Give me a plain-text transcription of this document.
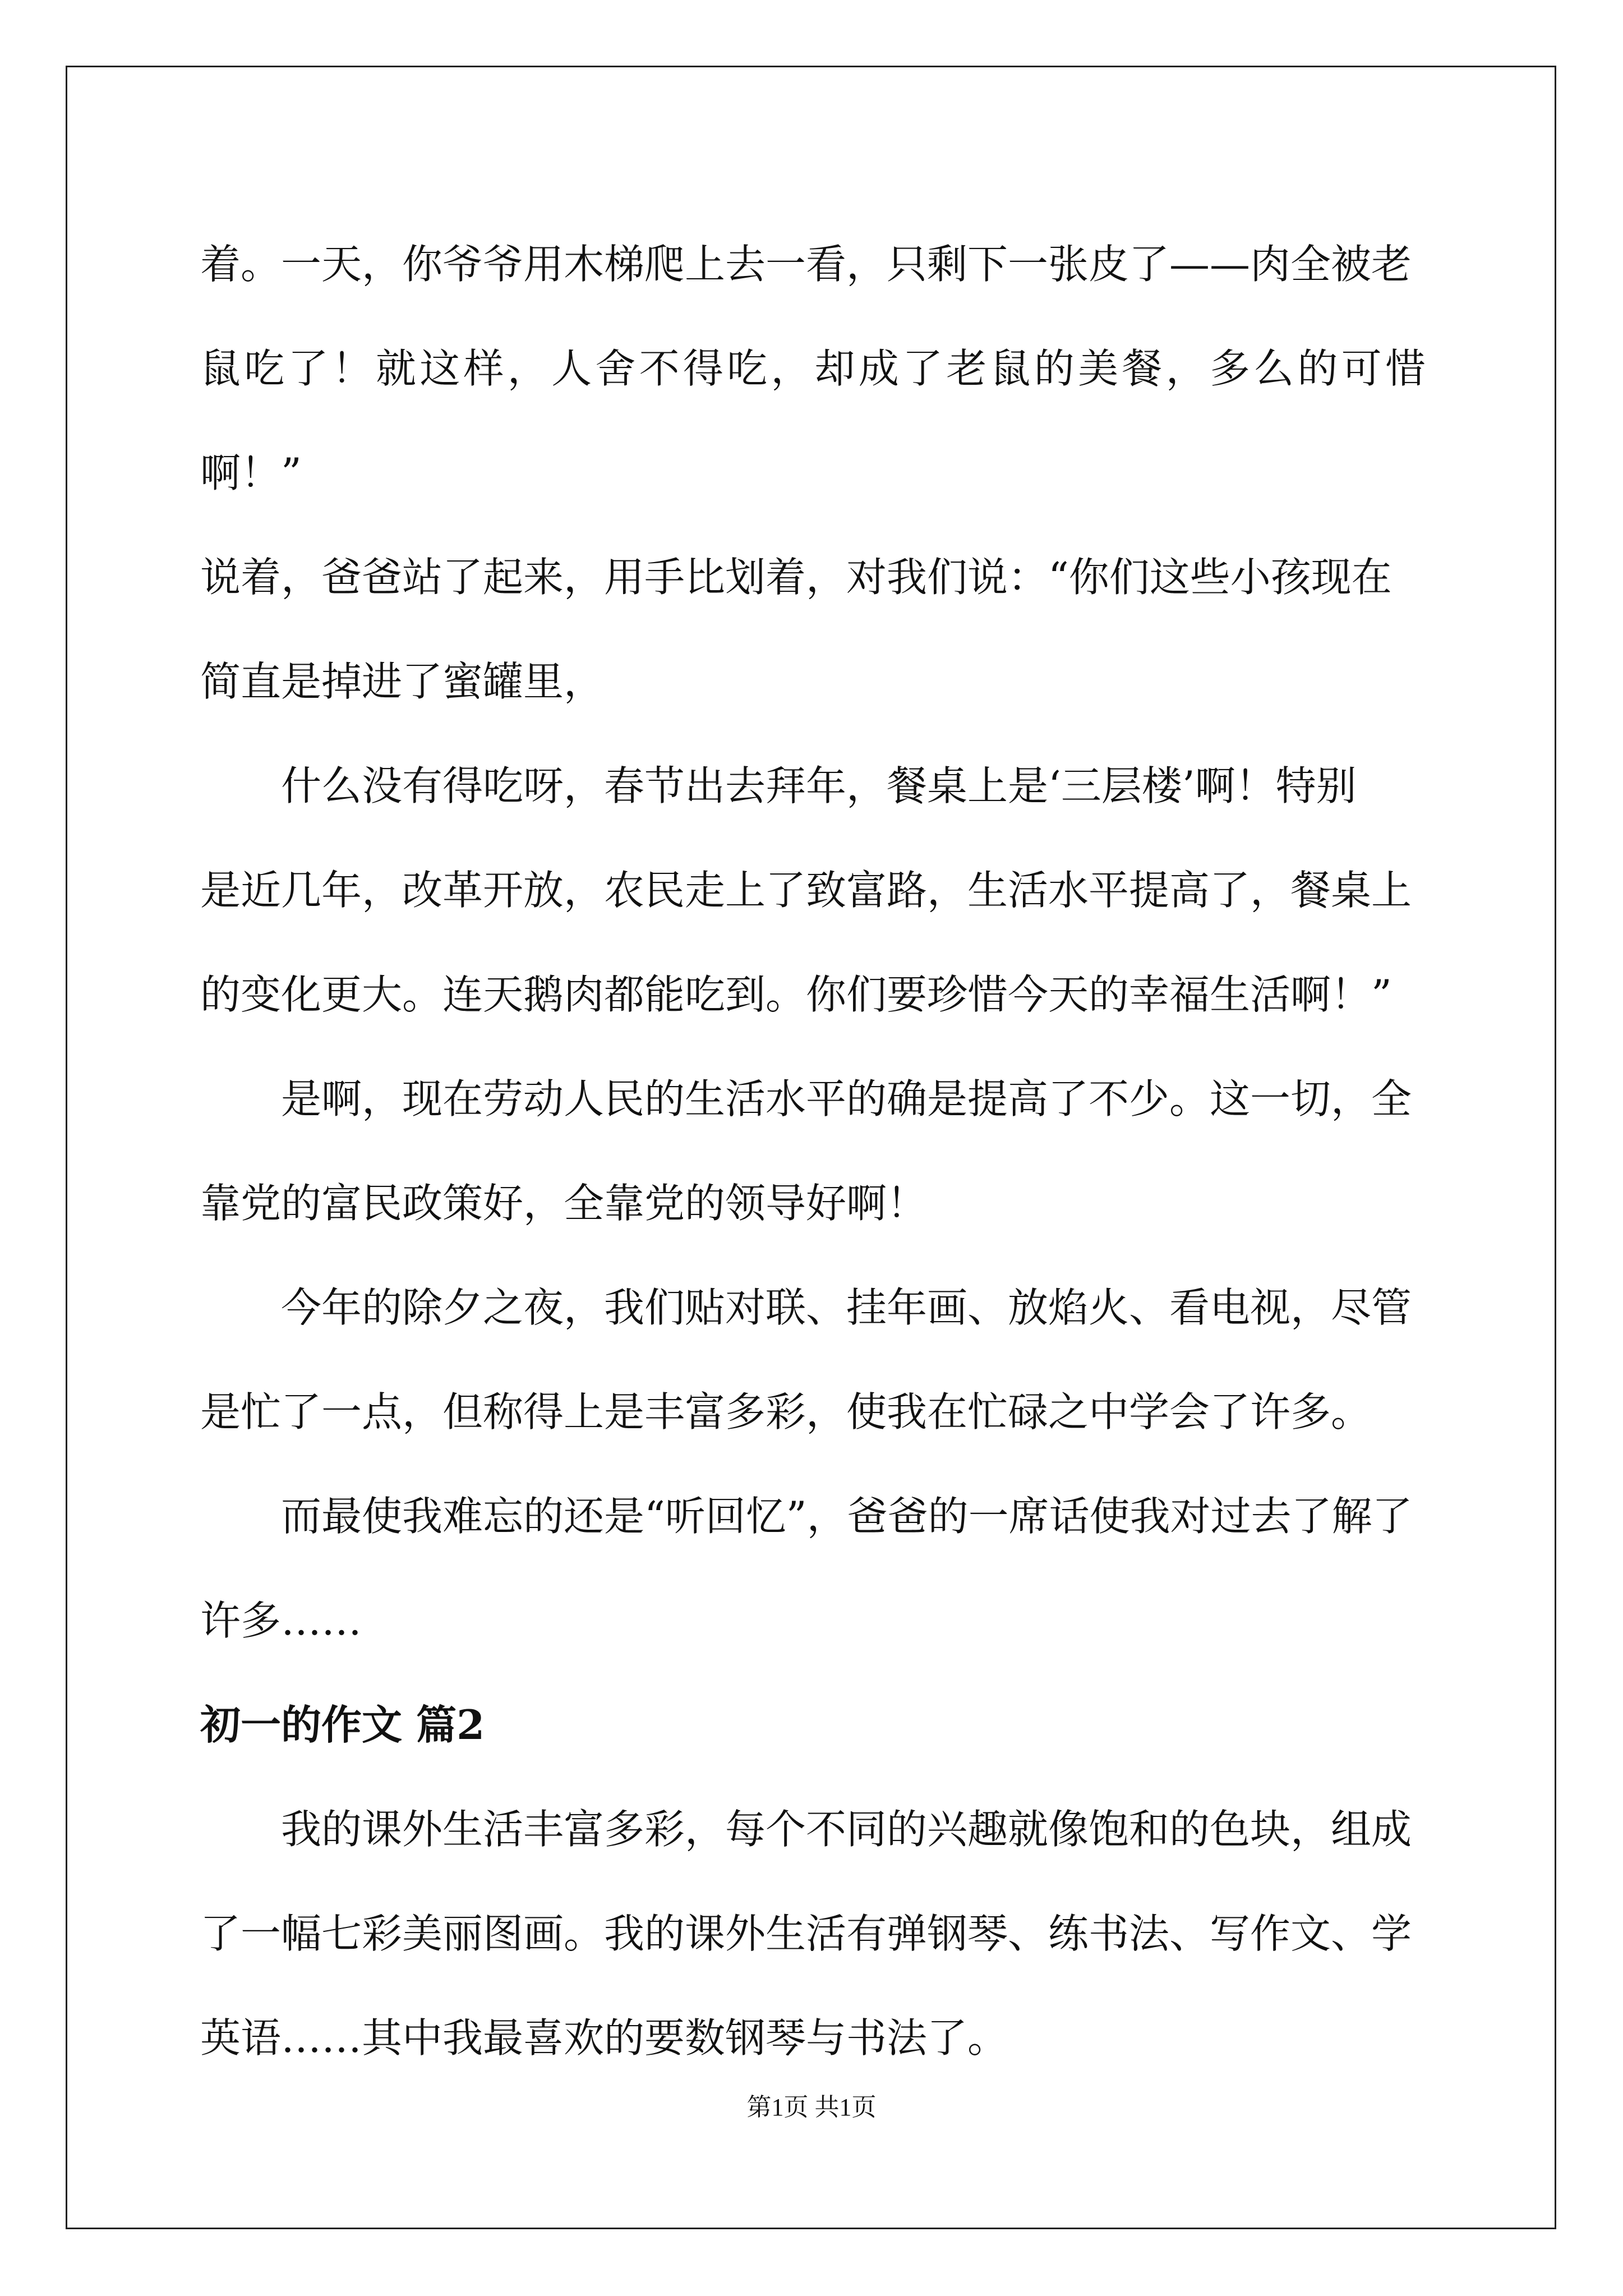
着。一天，你爷爷用木梯爬上去一看，只剩下一张皮了——肉全被老

鼠吃了！就这样，人舍不得吃，却成了老鼠的美餐，多么的可惜啊！”

说着，爸爸站了起来，用手比划着，对我们说：“你们这些小孩现在

简直是掉进了蜜罐里，

什么没有得吃呀，春节出去拜年，餐桌上是‘三层楼’啊！特别

是近几年，改革开放，农民走上了致富路，生活水平提高了，餐桌上

的变化更大。连天鹅肉都能吃到。你们要珍惜今天的幸福生活啊！”

是啊，现在劳动人民的生活水平的确是提高了不少。这一切，全

靠党的富民政策好，全靠党的领导好啊！

今年的除夕之夜，我们贴对联、挂年画、放焰火、看电视，尽管

是忙了一点，但称得上是丰富多彩，使我在忙碌之中学会了许多。

而最使我难忘的还是“听回忆”，爸爸的一席话使我对过去了解了

许多……

初一的作文 篇2

我的课外生活丰富多彩，每个不同的兴趣就像饱和的色块，组成

了一幅七彩美丽图画。我的课外生活有弹钢琴、练书法、写作文、学

英语……其中我最喜欢的要数钢琴与书法了。

第1页 共1页
